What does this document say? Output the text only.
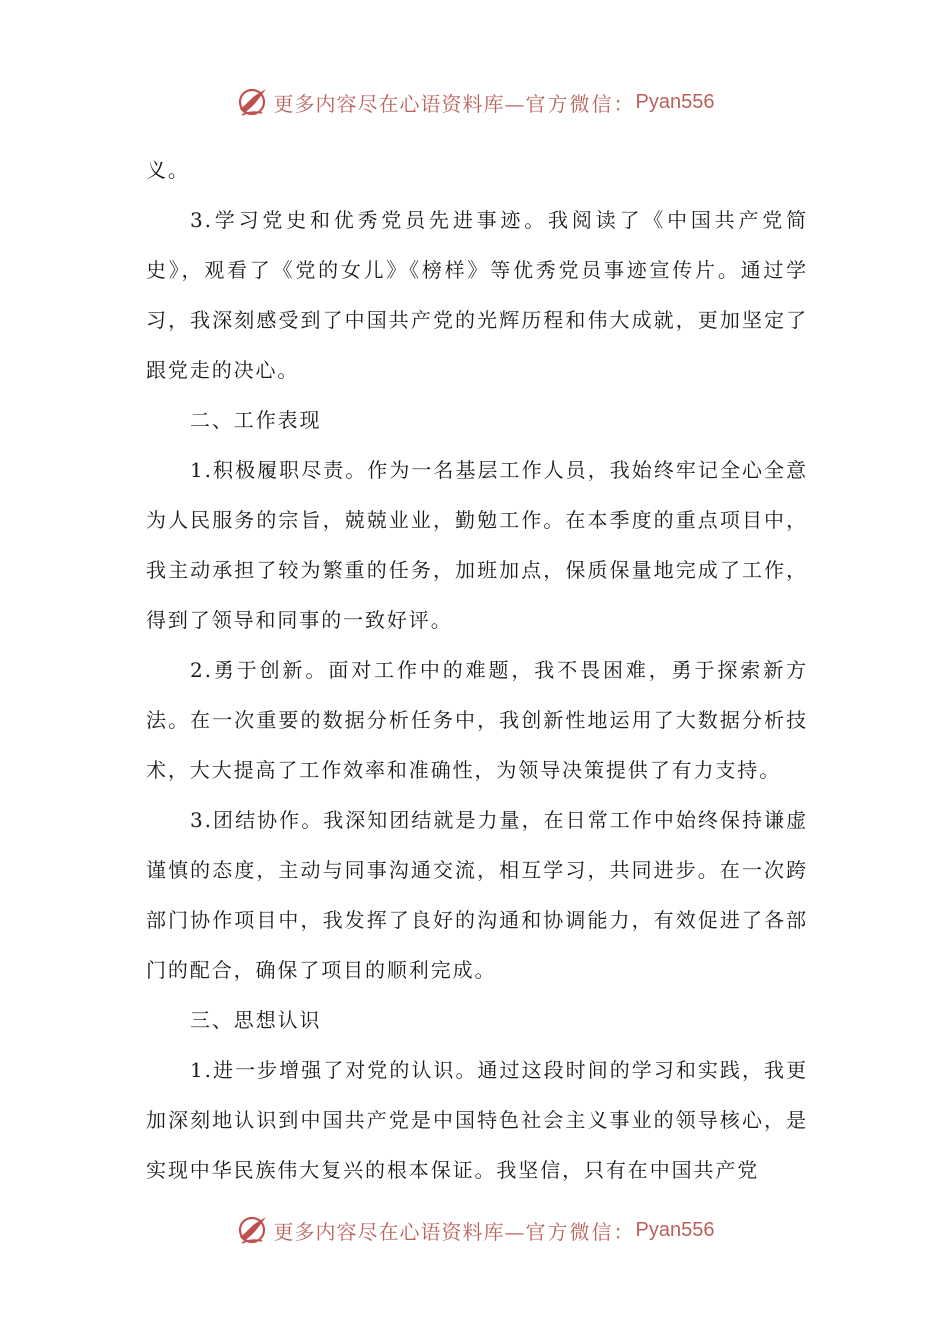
更多内容尽在心语资料库— 官方微信： Pyan556

义。

3.学习党史和优秀党员先进事迹。我阅读了《中国共产党简史》，观看了《党的女儿》《榜样》等优秀党员事迹宣传片。通过学习，我深刻感受到了中国共产党的光辉历程和伟大成就，更加坚定了跟党走的决心。

二、工作表现

1.积极履职尽责。作为一名基层工作人员，我始终牢记全心全意为人民服务的宗旨，兢兢业业，勤勉工作。在本季度的重点项目中，我主动承担了较为繁重的任务，加班加点，保质保量地完成了工作，得到了领导和同事的一致好评。

2.勇于创新。面对工作中的难题，我不畏困难，勇于探索新方法。在一次重要的数据分析任务中，我创新性地运用了大数据分析技术，大大提高了工作效率和准确性，为领导决策提供了有力支持。

3.团结协作。我深知团结就是力量，在日常工作中始终保持谦虚谨慎的态度，主动与同事沟通交流，相互学习，共同进步。在一次跨部门协作项目中，我发挥了良好的沟通和协调能力，有效促进了各部门的配合，确保了项目的顺利完成。

三、思想认识

1.进一步增强了对党的认识。通过这段时间的学习和实践，我更加深刻地认识到中国共产党是中国特色社会主义事业的领导核心，是实现中华民族伟大复兴的根本保证。我坚信，只有在中国共产党

更多内容尽在心语资料库— 官方微信： Pyan556
